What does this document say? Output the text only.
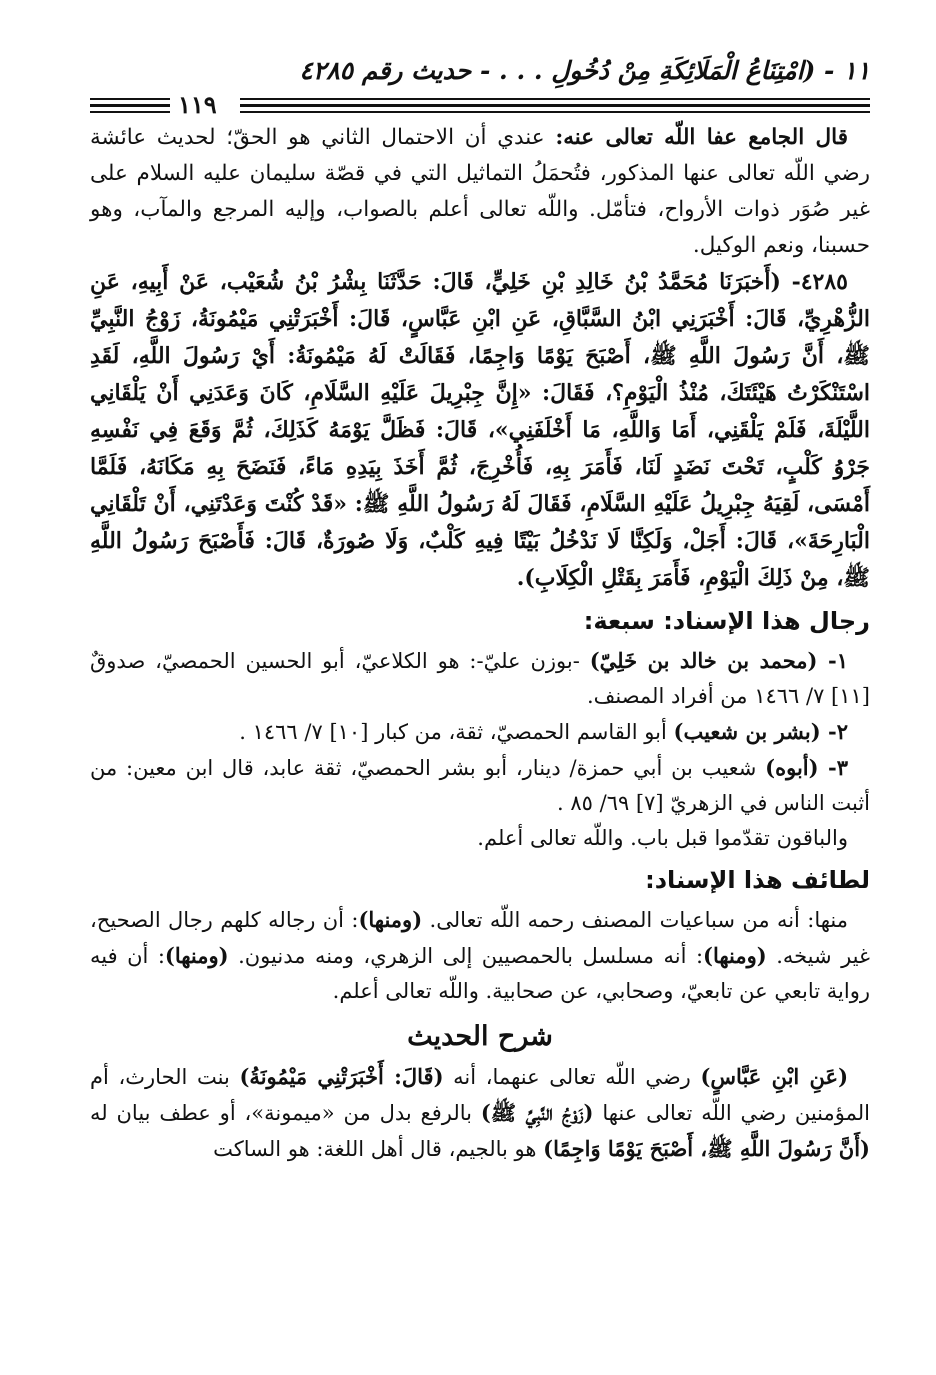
١١ - (امْتِنَاعُ الْمَلَائِكَةِ مِنْ دُخُولِ . . . - حديث رقم ٤٢٨٥
١١٩

قال الجامع عفا اللّه تعالى عنه: عندي أن الاحتمال الثاني هو الحقّ؛ لحديث عائشة رضي اللّه تعالى عنها المذكور، فتُحمَلُ التماثيل التي في قصّة سليمان عليه السلام على غير صُوَر ذوات الأرواح، فتأمّل. واللّه تعالى أعلم بالصواب، وإليه المرجع والمآب، وهو حسبنا، ونعم الوكيل.

٤٢٨٥- (أَخبَرَنَا مُحَمَّدُ بْنُ خَالِدِ بْنِ خَلِيٍّ، قَالَ: حَدَّثَنَا بِشْرُ بْنُ شُعَيْب، عَنْ أَبِيهِ، عَنِ الزُّهْرِيِّ، قَالَ: أَخْبَرَنِي ابْنُ السَّبَّاقِ، عَنِ ابْنِ عَبَّاسٍ، قَالَ: أَخْبَرَتْنِي مَيْمُونَةُ، زَوْجُ النَّبِيِّ ﷺ، أَنَّ رَسُولَ اللَّهِ ﷺ، أَصْبَحَ يَوْمًا وَاجِمًا، فَقَالَتْ لَهُ مَيْمُونَةُ: أَيْ رَسُولَ اللَّهِ، لَقَدِ اسْتَنْكَرْتُ هَيْئَتَكَ، مُنْذُ الْيَوْمِ؟، فَقَالَ: «إِنَّ جِبْرِيلَ عَلَيْهِ السَّلَامِ، كَانَ وَعَدَنِي أَنْ يَلْقَانِي اللَّيْلَةَ، فَلَمْ يَلْقَنِي، أَمَا وَاللَّهِ، مَا أَخْلَفَنِي»، قَالَ: فَظَلَّ يَوْمَهُ كَذَلِكَ، ثُمَّ وَقَعَ فِي نَفْسِهِ جَرْوُ كَلْبٍ، تَحْتَ نَضَدٍ لَنَا، فَأَمَرَ بِهِ، فَأُخْرِجَ، ثُمَّ أَخَذَ بِيَدِهِ مَاءً، فَنَضَحَ بِهِ مَكَانَهُ، فَلَمَّا أَمْسَى، لَقِيَهُ جِبْرِيلُ عَلَيْهِ السَّلَامِ، فَقَالَ لَهُ رَسُولُ اللَّهِ ﷺ: «قَدْ كُنْتَ وَعَدْتَنِي، أَنْ تَلْقَانِي الْبَارِحَةَ»، قَالَ: أَجَلْ، وَلَكِنَّا لَا نَدْخُلُ بَيْتًا فِيهِ كَلْبٌ، وَلَا صُورَةٌ، قَالَ: فَأَصْبَحَ رَسُولُ اللَّهِ ﷺ، مِنْ ذَلِكَ الْيَوْمِ، فَأَمَرَ بِقَتْلِ الْكِلَابِ).

رجال هذا الإسناد: سبعة:

١- (محمد بن خالد بن خَلِيّ) -بوزن عليّ-: هو الكلاعيّ، أبو الحسين الحمصيّ، صدوقٌ [١١] ٧/ ١٤٦٦ من أفراد المصنف.

٢- (بشر بن شعيب) أبو القاسم الحمصيّ، ثقة، من كبار [١٠] ٧/ ١٤٦٦ .

٣- (أبوه) شعيب بن أبي حمزة/ دينار، أبو بشر الحمصيّ، ثقة عابد، قال ابن معين: من أثبت الناس في الزهريّ [٧] ٦٩/ ٨٥ .

والباقون تقدّموا قبل باب. واللّه تعالى أعلم.

لطائف هذا الإسناد:

منها: أنه من سباعيات المصنف رحمه اللّه تعالى. (ومنها): أن رجاله كلهم رجال الصحيح، غير شيخه. (ومنها): أنه مسلسل بالحمصيين إلى الزهري، ومنه مدنيون. (ومنها): أن فيه رواية تابعي عن تابعيّ، وصحابي، عن صحابية. واللّه تعالى أعلم.

شرح الحديث

(عَنِ ابْنِ عَبَّاسٍ) رضي اللّه تعالى عنهما، أنه (قَالَ: أَخْبَرَتْنِي مَيْمُونَةُ) بنت الحارث، أم المؤمنين رضي اللّه تعالى عنها (زَوْجُ النَّبِيِّ ﷺ) بالرفع بدل من «ميمونة»، أو عطف بيان له (أَنَّ رَسُولَ اللَّهِ ﷺ، أَصْبَحَ يَوْمًا وَاجِمًا) هو بالجيم، قال أهل اللغة: هو الساكت
